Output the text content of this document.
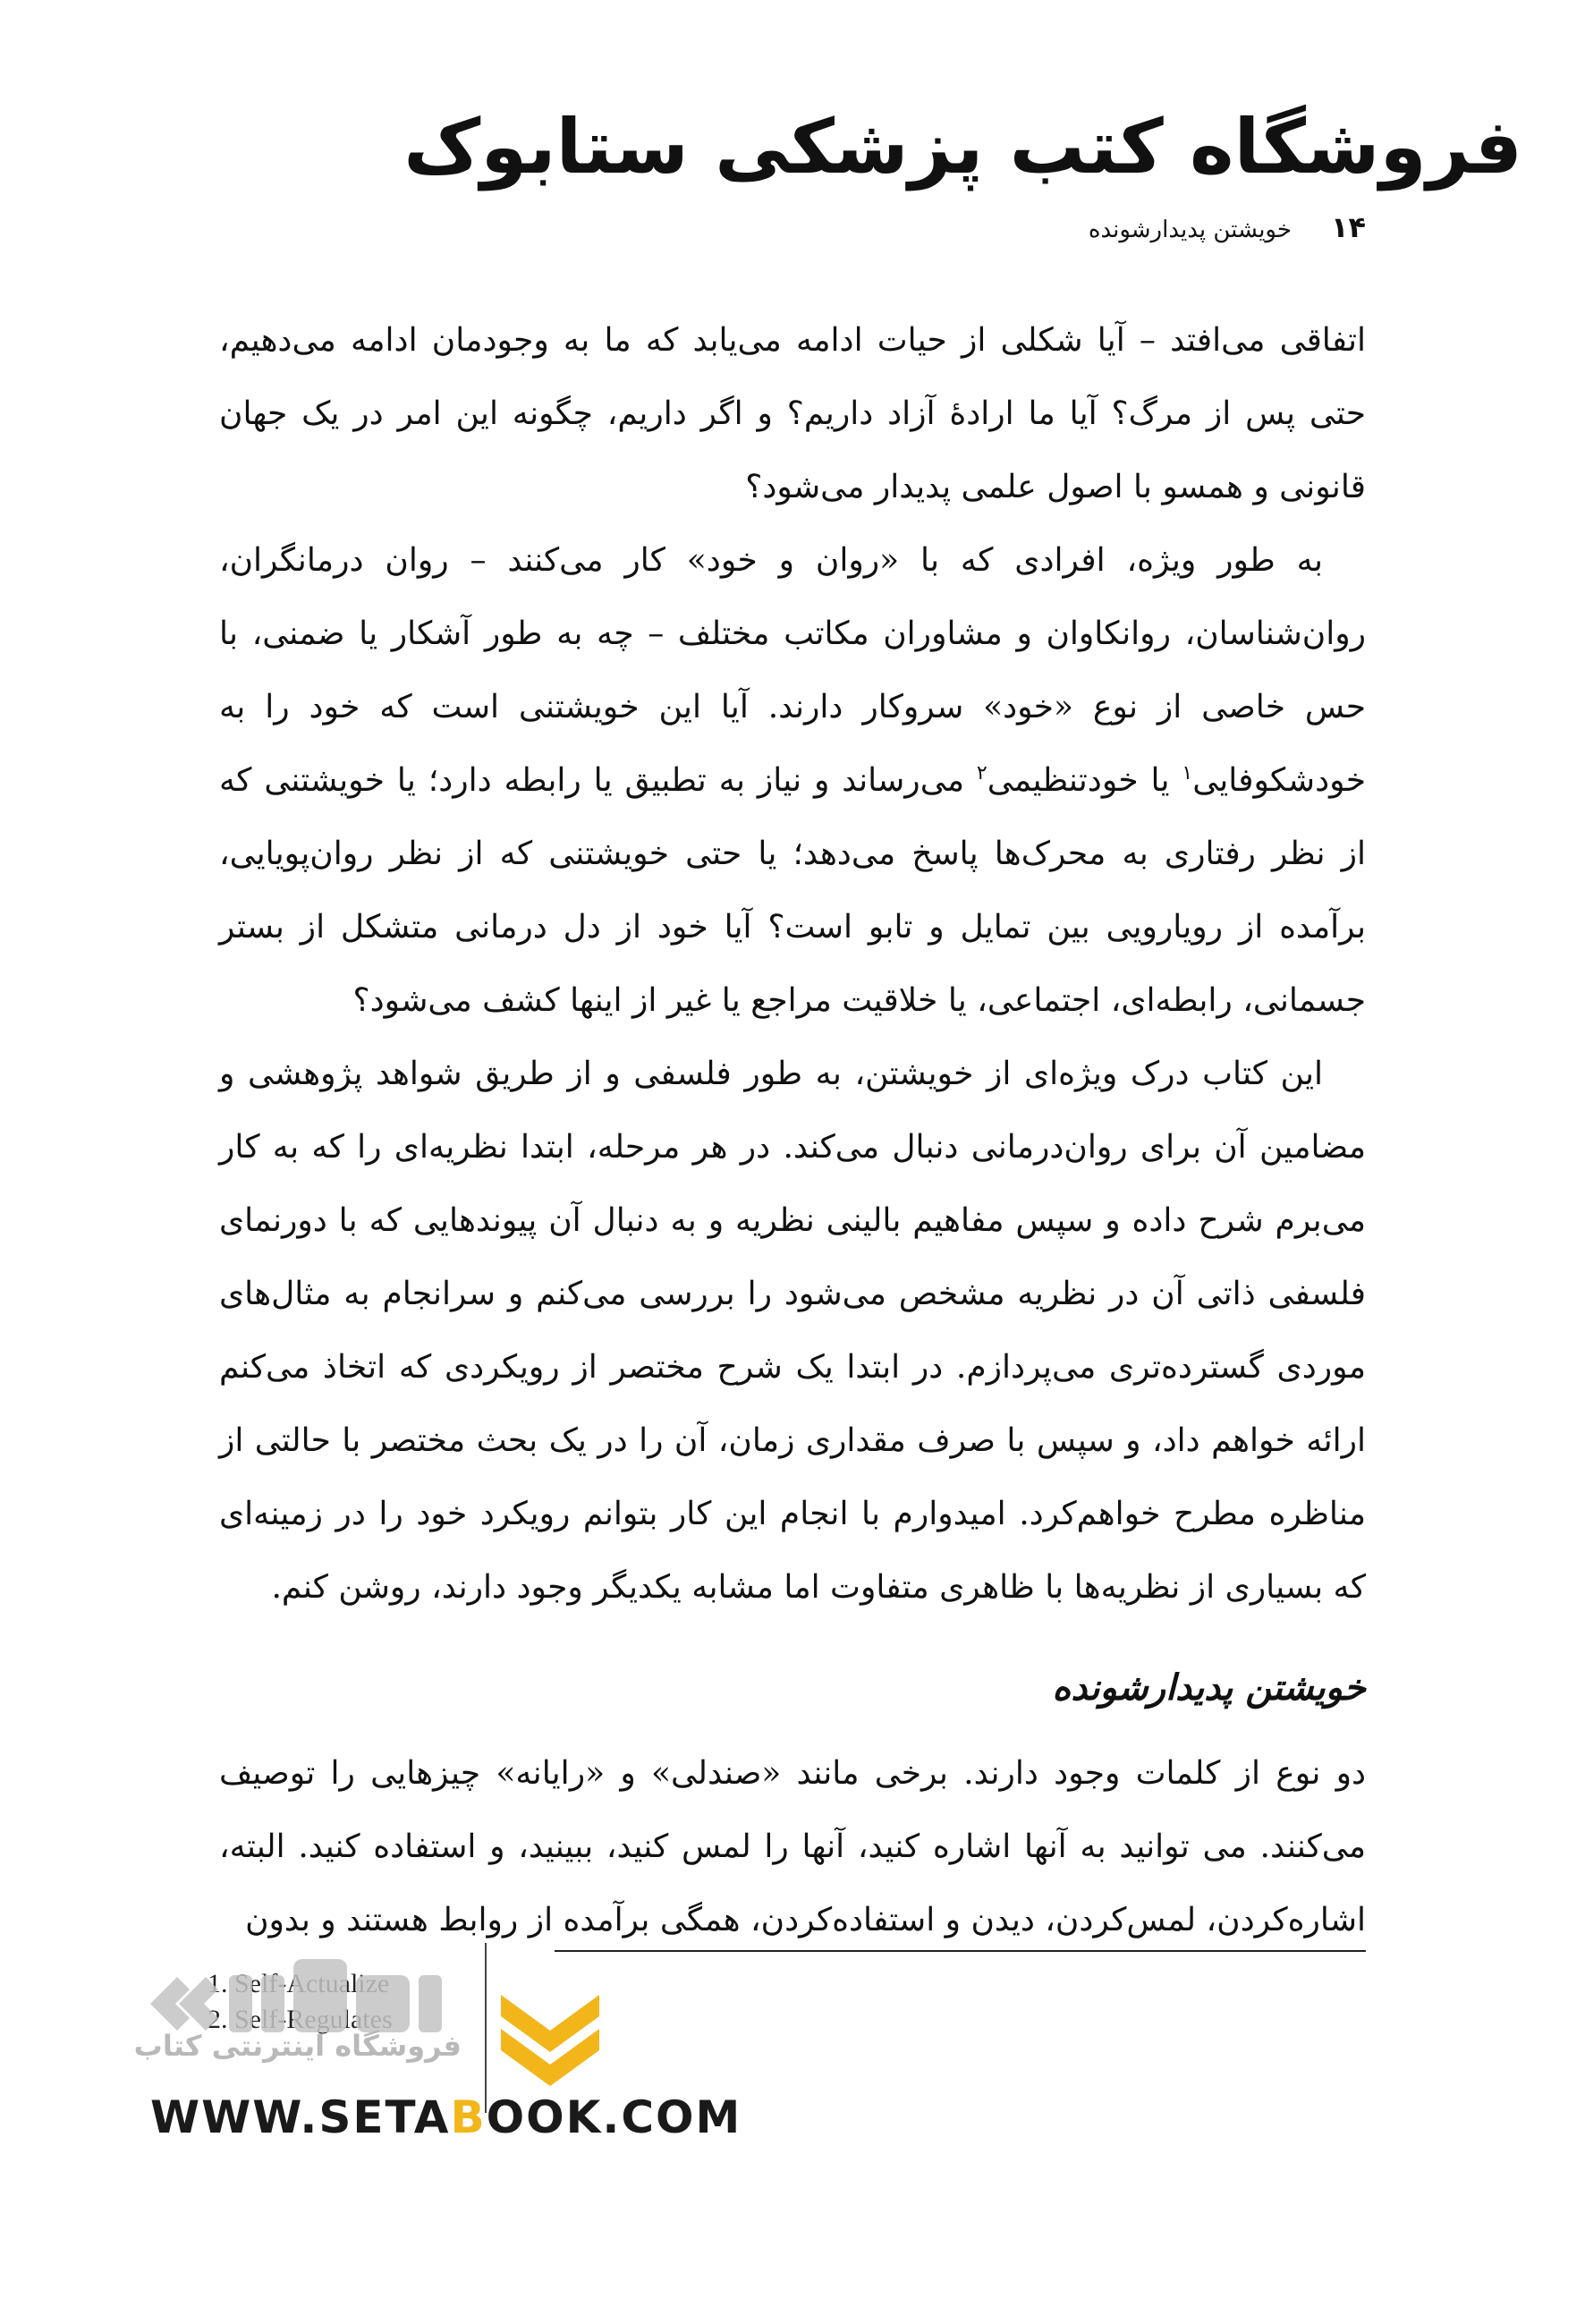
فروشگاه کتب پزشکی ستابوک
۱۴
خویشتن پدیدارشونده

اتفاقی می‌افتد – آیا شکلی از حیات ادامه می‌یابد که ما به وجودمان ادامه می‌دهیم، حتی پس از مرگ؟ آیا ما ارادهٔ آزاد داریم؟ و اگر داریم، چگونه این امر در یک جهان قانونی و همسو با اصول علمی پدیدار می‌شود؟

به طور ویژه، افرادی که با «روان و خود» کار می‌کنند – روان درمانگران، روان‌شناسان، روانکاوان و مشاوران مکاتب مختلف – چه به طور آشکار یا ضمنی، با حس خاصی از نوع «خود» سروکار دارند. آیا این خویشتنی است که خود را به خودشکوفایی$^۱$ یا خودتنظیمی$^۲$ می‌رساند و نیاز به تطبیق یا رابطه دارد؛ یا خویشتنی که از نظر رفتاری به محرک‌ها پاسخ می‌دهد؛ یا حتی خویشتنی که از نظر روان‌پویایی، برآمده از رویارویی بین تمایل و تابو است؟ آیا خود از دل درمانی متشکل از بستر جسمانی، رابطه‌ای، اجتماعی، یا خلاقیت مراجع یا غیر از اینها کشف می‌شود؟

این کتاب درک ویژه‌ای از خویشتن، به طور فلسفی و از طریق شواهد پژوهشی و مضامین آن برای روان‌درمانی دنبال می‌کند. در هر مرحله، ابتدا نظریه‌ای را که به کار می‌برم شرح داده و سپس مفاهیم بالینی نظریه و به دنبال آن پیوندهایی که با دورنمای فلسفی ذاتی آن در نظریه مشخص می‌شود را بررسی می‌کنم و سرانجام به مثال‌های موردی گسترده‌تری می‌پردازم. در ابتدا یک شرح مختصر از رویکردی که اتخاذ می‌کنم ارائه خواهم داد، و سپس با صرف مقداری زمان، آن را در یک بحث مختصر با حالتی از مناظره مطرح خواهم‌کرد. امیدوارم با انجام این کار بتوانم رویکرد خود را در زمینه‌ای که بسیاری از نظریه‌ها با ظاهری متفاوت اما مشابه یکدیگر وجود دارند، روشن کنم.

خویشتن پدیدارشونده

دو نوع از کلمات وجود دارند. برخی مانند «صندلی» و «رایانه» چیزهایی را توصیف می‌کنند. می توانید به آنها اشاره کنید، آنها را لمس کنید، ببینید، و استفاده کنید. البته، اشاره‌کردن، لمس‌کردن، دیدن و استفاده‌کردن، همگی برآمده از روابط هستند و بدون

1.
2.
فروشگاه اینترنتی کتاب
WWW.SETABOOK.COM
